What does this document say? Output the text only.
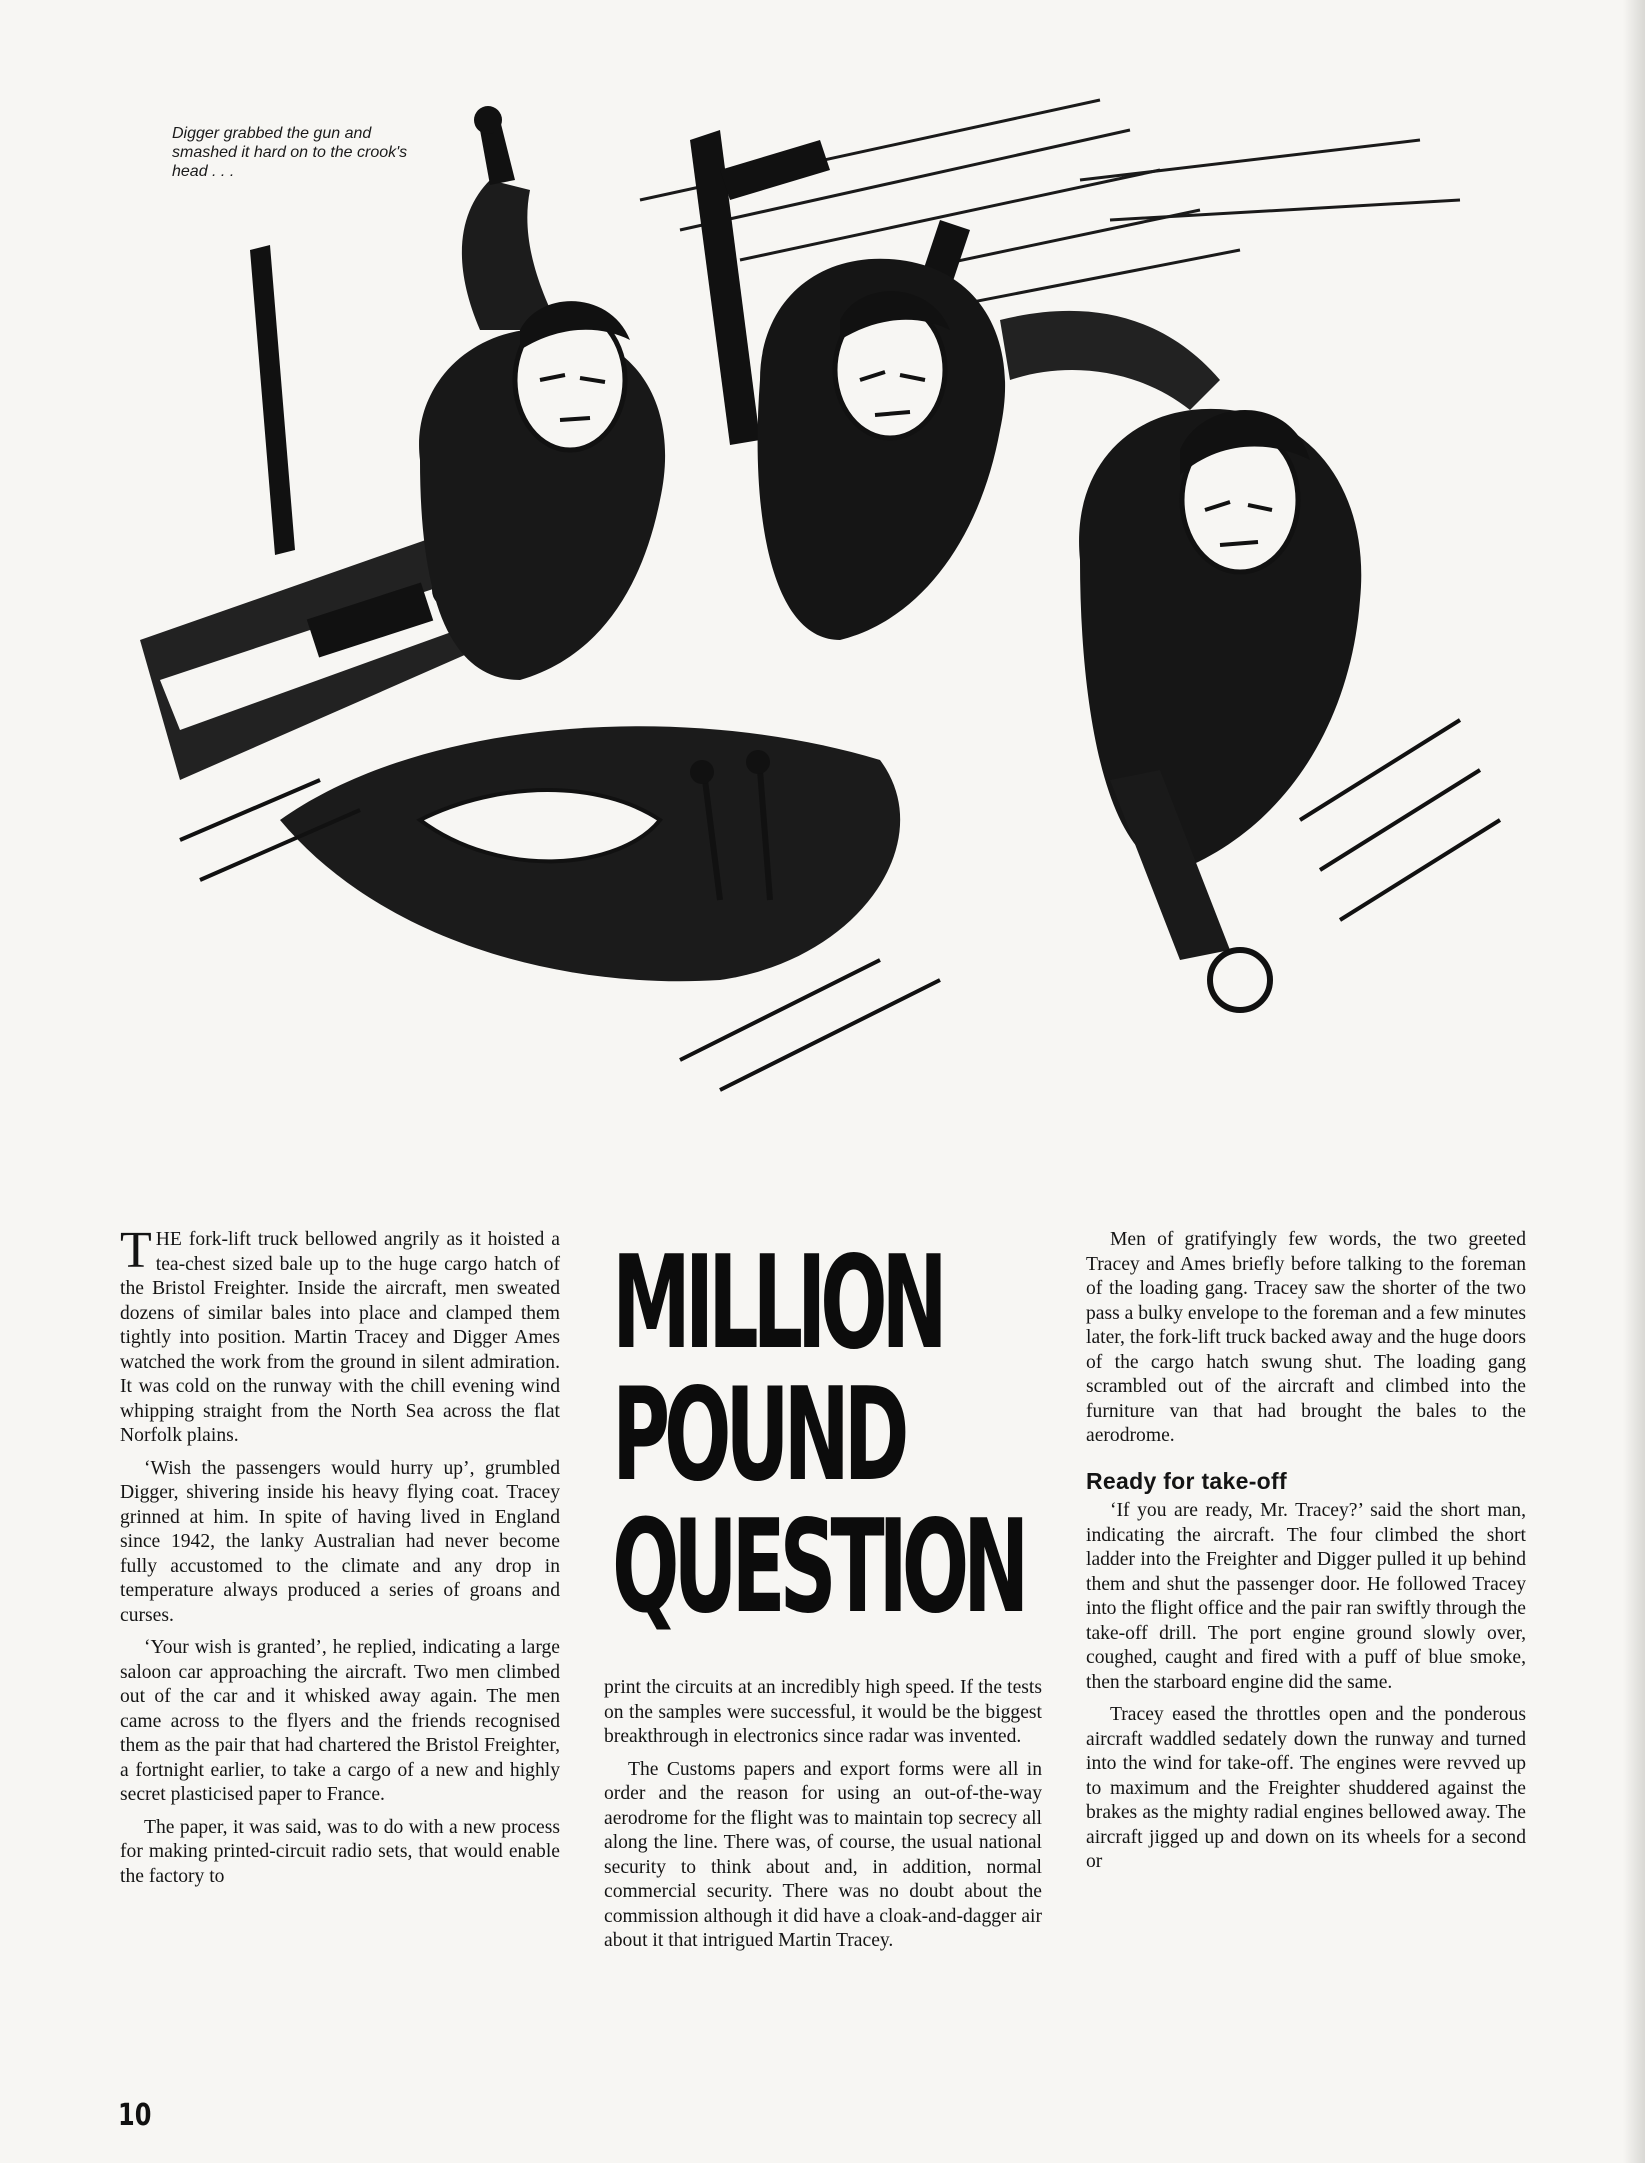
Digger grabbed the gun and smashed it hard on to the crook's head . . .

THE fork-lift truck bellowed angrily as it hoisted a tea-chest sized bale up to the huge cargo hatch of the Bristol Freighter. Inside the aircraft, men sweated dozens of similar bales into place and clamped them tightly into position. Martin Tracey and Digger Ames watched the work from the ground in silent admiration. It was cold on the runway with the chill evening wind whipping straight from the North Sea across the flat Norfolk plains.

‘Wish the passengers would hurry up’, grumbled Digger, shivering inside his heavy flying coat. Tracey grinned at him. In spite of having lived in England since 1942, the lanky Australian had never become fully accustomed to the climate and any drop in temperature always produced a series of groans and curses.

‘Your wish is granted’, he replied, indicating a large saloon car approaching the aircraft. Two men climbed out of the car and it whisked away again. The men came across to the flyers and the friends recognised them as the pair that had chartered the Bristol Freighter, a fortnight earlier, to take a cargo of a new and highly secret plasticised paper to France.

The paper, it was said, was to do with a new process for making printed-circuit radio sets, that would enable the factory to

MILLION
POUND
QUESTION

print the circuits at an incredibly high speed. If the tests on the samples were successful, it would be the biggest breakthrough in electronics since radar was invented.

The Customs papers and export forms were all in order and the reason for using an out-of-the-way aerodrome for the flight was to maintain top secrecy all along the line. There was, of course, the usual national security to think about and, in addition, normal commercial security. There was no doubt about the commission although it did have a cloak-and-dagger air about it that intrigued Martin Tracey.

Men of gratifyingly few words, the two greeted Tracey and Ames briefly before talking to the foreman of the loading gang. Tracey saw the shorter of the two pass a bulky envelope to the foreman and a few minutes later, the fork-lift truck backed away and the huge doors of the cargo hatch swung shut. The loading gang scrambled out of the aircraft and climbed into the furniture van that had brought the bales to the aerodrome.

Ready for take-off

‘If you are ready, Mr. Tracey?’ said the short man, indicating the aircraft. The four climbed the short ladder into the Freighter and Digger pulled it up behind them and shut the passenger door. He followed Tracey into the flight office and the pair ran swiftly through the take-off drill. The port engine ground slowly over, coughed, caught and fired with a puff of blue smoke, then the starboard engine did the same.

Tracey eased the throttles open and the ponderous aircraft waddled sedately down the runway and turned into the wind for take-off. The engines were revved up to maximum and the Freighter shuddered against the brakes as the mighty radial engines bellowed away. The aircraft jigged up and down on its wheels for a second or

10
